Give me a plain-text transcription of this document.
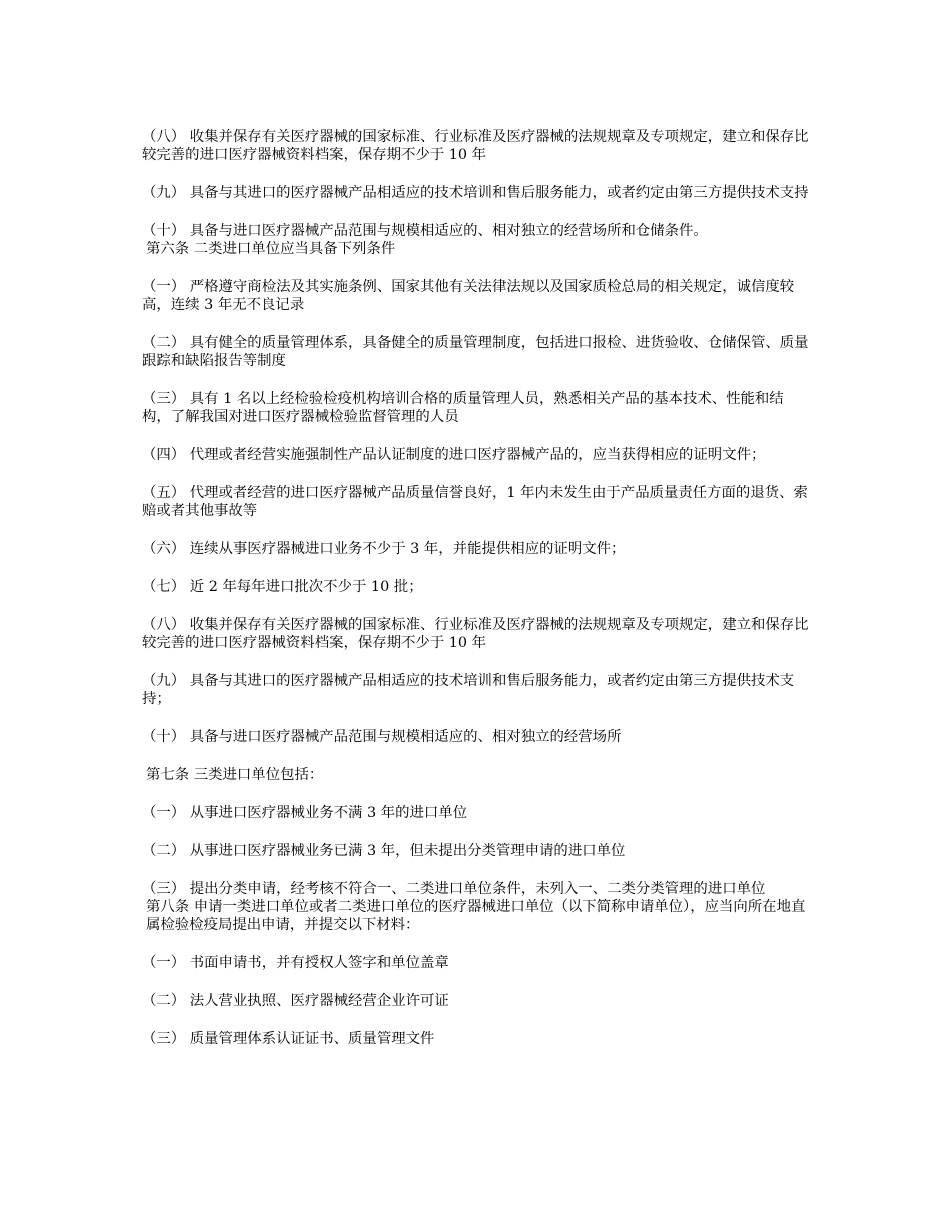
（八） 收集并保存有关医疗器械的国家标准、行业标准及医疗器械的法规规章及专项规定，建立和保存比较完善的进口医疗器械资料档案，保存期不少于 10 年

（九） 具备与其进口的医疗器械产品相适应的技术培训和售后服务能力，或者约定由第三方提供技术支持

（十） 具备与进口医疗器械产品范围与规模相适应的、相对独立的经营场所和仓储条件。

第六条 二类进口单位应当具备下列条件

（一） 严格遵守商检法及其实施条例、国家其他有关法律法规以及国家质检总局的相关规定，诚信度较高，连续 3 年无不良记录

（二） 具有健全的质量管理体系，具备健全的质量管理制度，包括进口报检、进货验收、仓储保管、质量跟踪和缺陷报告等制度

（三） 具有 1 名以上经检验检疫机构培训合格的质量管理人员，熟悉相关产品的基本技术、性能和结构，了解我国对进口医疗器械检验监督管理的人员

（四） 代理或者经营实施强制性产品认证制度的进口医疗器械产品的，应当获得相应的证明文件；

（五） 代理或者经营的进口医疗器械产品质量信誉良好，1 年内未发生由于产品质量责任方面的退货、索赔或者其他事故等

（六） 连续从事医疗器械进口业务不少于 3 年，并能提供相应的证明文件；

（七） 近 2 年每年进口批次不少于 10 批；

（八） 收集并保存有关医疗器械的国家标准、行业标准及医疗器械的法规规章及专项规定，建立和保存比较完善的进口医疗器械资料档案，保存期不少于 10 年

（九） 具备与其进口的医疗器械产品相适应的技术培训和售后服务能力，或者约定由第三方提供技术支持；

（十） 具备与进口医疗器械产品范围与规模相适应的、相对独立的经营场所

第七条 三类进口单位包括：

（一） 从事进口医疗器械业务不满 3 年的进口单位

（二） 从事进口医疗器械业务已满 3 年，但未提出分类管理申请的进口单位

（三） 提出分类申请，经考核不符合一、二类进口单位条件，未列入一、二类分类管理的进口单位

第八条 申请一类进口单位或者二类进口单位的医疗器械进口单位（以下简称申请单位），应当向所在地直属检验检疫局提出申请，并提交以下材料：

（一） 书面申请书，并有授权人签字和单位盖章

（二） 法人营业执照、医疗器械经营企业许可证

（三） 质量管理体系认证证书、质量管理文件
